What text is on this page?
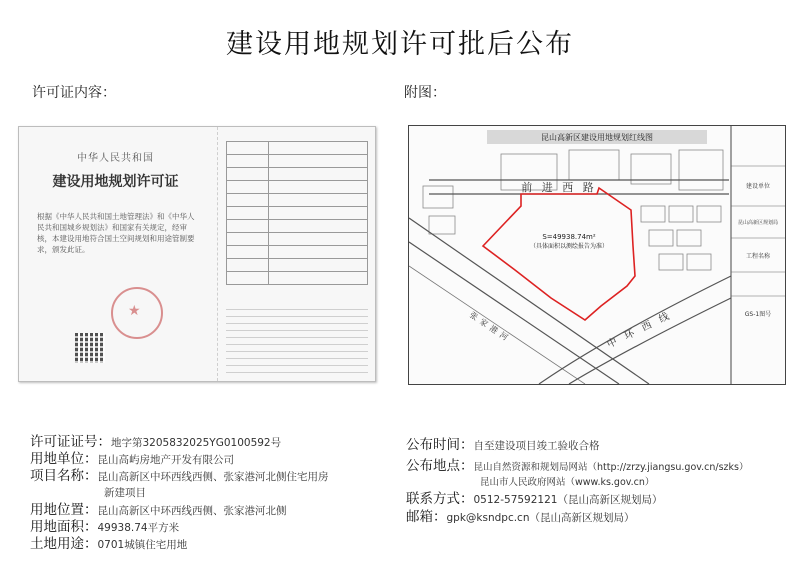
建设用地规划许可批后公布
许可证内容：	附图：
中华人民共和国
建设用地规划许可证
根据《中华人民共和国土地管理法》和《中华人民共和国城乡规划法》和国家有关规定，经审核，本建设用地符合国土空间规划和用途管制要求，颁发此证。
★

昆山高新区建设用地规划红线图
建设单位
昆山高新区规划局
工程名称
GS-1图号
前 进 西 路
S=49938.74m²
（具体面积以测绘报告为准）
张家港河	中 环 西 线
许可证证号：地字第3205832025YG0100592号
用地单位：昆山高屿房地产开发有限公司
项目名称：昆山高新区中环西线西侧、张家港河北侧住宅用房
新建项目
用地位置：昆山高新区中环西线西侧、张家港河北侧
用地面积：49938.74平方米
土地用途：0701城镇住宅用地
公布时间：自至建设项目竣工验收合格
公布地点：昆山自然资源和规划局网站（http://zrzy.jiangsu.gov.cn/szks）
昆山市人民政府网站（www.ks.gov.cn）
联系方式：0512-57592121（昆山高新区规划局）
邮箱：gpk@ksndpc.cn（昆山高新区规划局）
